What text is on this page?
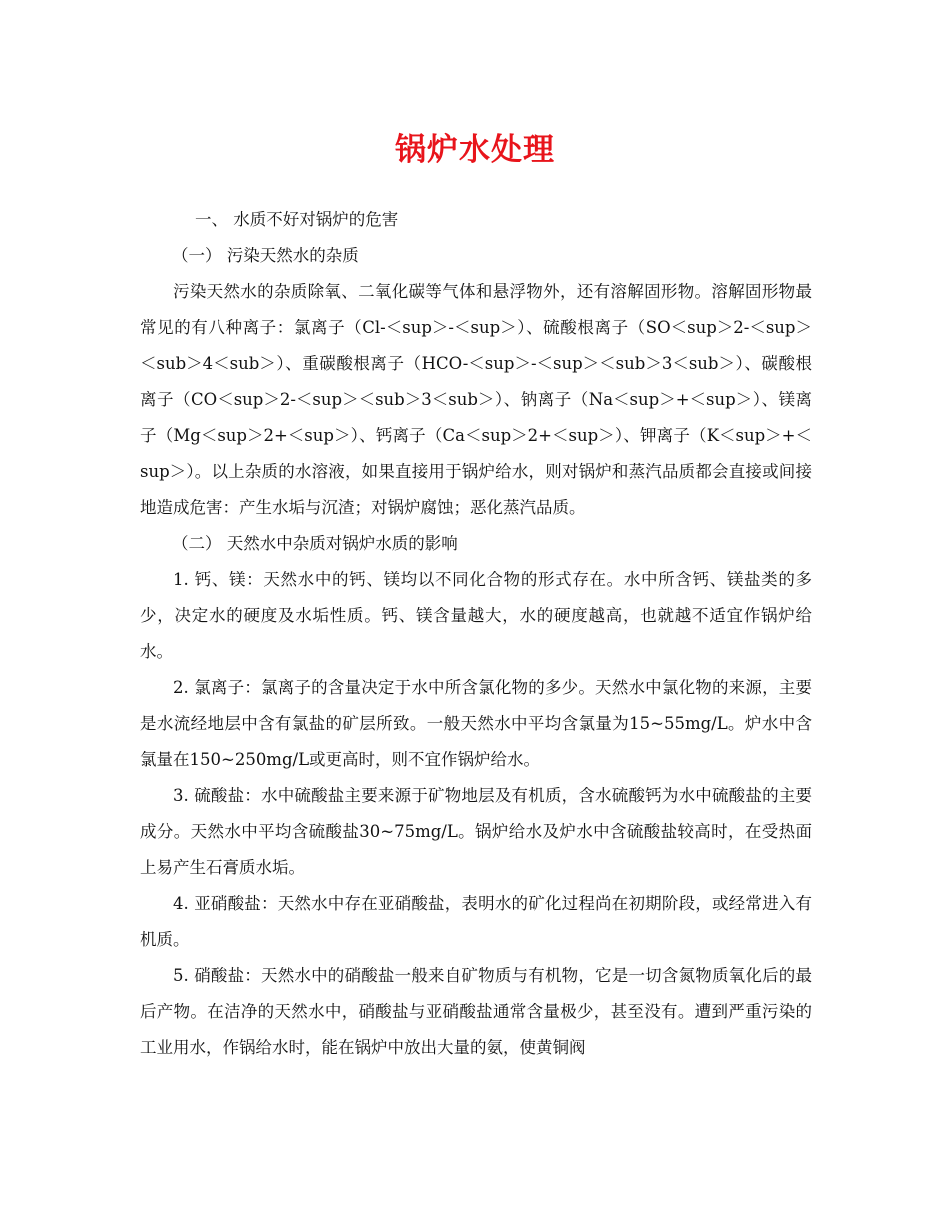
锅炉水处理

一、 水质不好对锅炉的危害

（一） 污染天然水的杂质

污染天然水的杂质除氧、二氧化碳等气体和悬浮物外，还有溶解固形物。溶解固形物最常见的有八种离子：氯离子（Cl-＜sup＞-＜sup＞）、硫酸根离子（SO＜sup＞2-＜sup＞＜sub＞4＜sub＞）、重碳酸根离子（HCO-＜sup＞-＜sup＞＜sub＞3＜sub＞）、碳酸根离子（CO＜sup＞2-＜sup＞＜sub＞3＜sub＞）、钠离子（Na＜sup＞+＜sup＞）、镁离子（Mg＜sup＞2+＜sup＞）、钙离子（Ca＜sup＞2+＜sup＞）、钾离子（K＜sup＞+＜sup＞）。以上杂质的水溶液，如果直接用于锅炉给水，则对锅炉和蒸汽品质都会直接或间接地造成危害：产生水垢与沉渣；对锅炉腐蚀；恶化蒸汽品质。

（二） 天然水中杂质对锅炉水质的影响

1. 钙、镁：天然水中的钙、镁均以不同化合物的形式存在。水中所含钙、镁盐类的多少，决定水的硬度及水垢性质。钙、镁含量越大，水的硬度越高，也就越不适宜作锅炉给水。

2. 氯离子：氯离子的含量决定于水中所含氯化物的多少。天然水中氯化物的来源，主要是水流经地层中含有氯盐的矿层所致。一般天然水中平均含氯量为15~55mg/L。炉水中含氯量在150~250mg/L或更高时，则不宜作锅炉给水。

3. 硫酸盐：水中硫酸盐主要来源于矿物地层及有机质，含水硫酸钙为水中硫酸盐的主要成分。天然水中平均含硫酸盐30~75mg/L。锅炉给水及炉水中含硫酸盐较高时，在受热面上易产生石膏质水垢。

4. 亚硝酸盐：天然水中存在亚硝酸盐，表明水的矿化过程尚在初期阶段，或经常进入有机质。

5. 硝酸盐：天然水中的硝酸盐一般来自矿物质与有机物，它是一切含氮物质氧化后的最后产物。在洁净的天然水中，硝酸盐与亚硝酸盐通常含量极少，甚至没有。遭到严重污染的工业用水，作锅给水时，能在锅炉中放出大量的氨，使黄铜阀
